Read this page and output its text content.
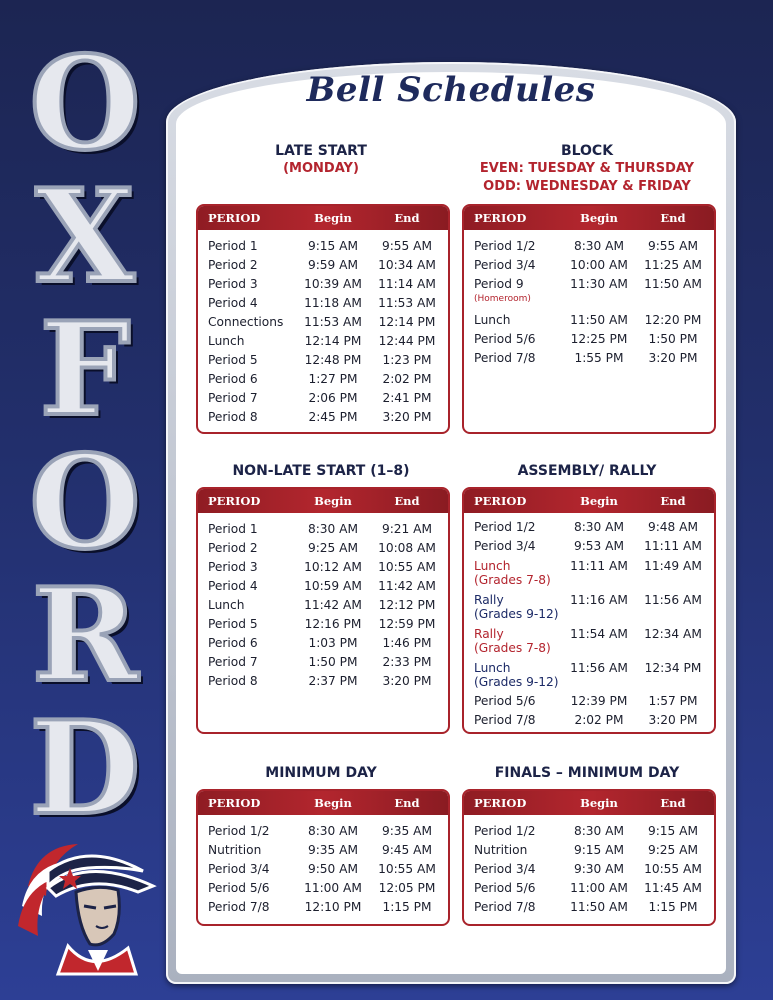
O
X
F
O
R
D
Bell Schedules
LATE START
(MONDAY)
PERIOD	Begin	End
Period 1	9:15 AM	9:55 AM
Period 2	9:59 AM	10:34 AM
Period 3	10:39 AM	11:14 AM
Period 4	11:18 AM	11:53 AM
Connections	11:53 AM	12:14 PM
Lunch	12:14 PM	12:44 PM
Period 5	12:48 PM	1:23 PM
Period 6	1:27 PM	2:02 PM
Period 7	2:06 PM	2:41 PM
Period 8	2:45 PM	3:20 PM
BLOCK
EVEN: TUESDAY & THURSDAY
ODD: WEDNESDAY & FRIDAY
PERIOD	Begin	End
Period 1/2	8:30 AM	9:55 AM
Period 3/4	10:00 AM	11:25 AM
Period 9
(Homeroom)
11:30 AM	11:50 AM
Lunch	11:50 AM	12:20 PM
Period 5/6	12:25 PM	1:50 PM
Period 7/8	1:55 PM	3:20 PM
NON-LATE START (1–8)
PERIOD	Begin	End
Period 1	8:30 AM	9:21 AM
Period 2	9:25 AM	10:08 AM
Period 3	10:12 AM	10:55 AM
Period 4	10:59 AM	11:42 AM
Lunch	11:42 AM	12:12 PM
Period 5	12:16 PM	12:59 PM
Period 6	1:03 PM	1:46 PM
Period 7	1:50 PM	2:33 PM
Period 8	2:37 PM	3:20 PM
ASSEMBLY/ RALLY
PERIOD	Begin	End
Period 1/2	8:30 AM	9:48 AM
Period 3/4	9:53 AM	11:11 AM
Lunch
(Grades 7-8)
11:11 AM	11:49 AM
Rally
(Grades 9-12)
11:16 AM	11:56 AM
Rally
(Grades 7-8)
11:54 AM	12:34 AM
Lunch
(Grades 9-12)
11:56 AM	12:34 PM
Period 5/6	12:39 PM	1:57 PM
Period 7/8	2:02 PM	3:20 PM
MINIMUM DAY
PERIOD	Begin	End
Period 1/2	8:30 AM	9:35 AM
Nutrition	9:35 AM	9:45 AM
Period 3/4	9:50 AM	10:55 AM
Period 5/6	11:00 AM	12:05 PM
Period 7/8	12:10 PM	1:15 PM
FINALS – MINIMUM DAY
PERIOD	Begin	End
Period 1/2	8:30 AM	9:15 AM
Nutrition	9:15 AM	9:25 AM
Period 3/4	9:30 AM	10:55 AM
Period 5/6	11:00 AM	11:45 AM
Period 7/8	11:50 AM	1:15 PM
